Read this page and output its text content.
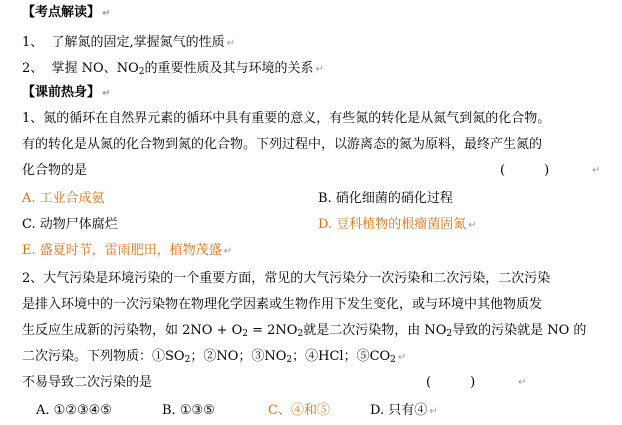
【考点解读】 ↵
1、 了解氮的固定,掌握氮气的性质 ↵
2、 掌握 NO、$NO_2$的重要性质及其与环境的关系 ↵
【课前热身】 ↵
1、氮的循环在自然界元素的循环中具有重要的意义，有些氮的转化是从氮气到氮的化合物。
有的转化是从氮的化合物到氮的化合物。下列过程中，以游离态的氮为原料，最终产生氮的
化合物的是	(　　　)	↵
A. 工业合成氨	B. 硝化细菌的硝化过程
C. 动物尸体腐烂	D. 豆科植物的根瘤菌固氮 ↵
E. 盛夏时节，雷雨肥田，植物茂盛 ↵
2、大气污染是环境污染的一个重要方面，常见的大气污染分一次污染和二次污染，二次污染
是排入环境中的一次污染物在物理化学因素或生物作用下发生变化，或与环境中其他物质发
生反应生成新的污染物，如 $2NO + O_2 = 2NO_2$就是二次污染物，由 $NO_2$导致的污染就是 NO 的
二次污染。下列物质：$①SO_2$；②NO；$③NO_2$；④HCl；$⑤CO_2$ ↵
不易导致二次污染的是	(　　　)	↵
A. ①②③④⑤	B. ①③⑤	C、④和⑤	D. 只有④ ↵
